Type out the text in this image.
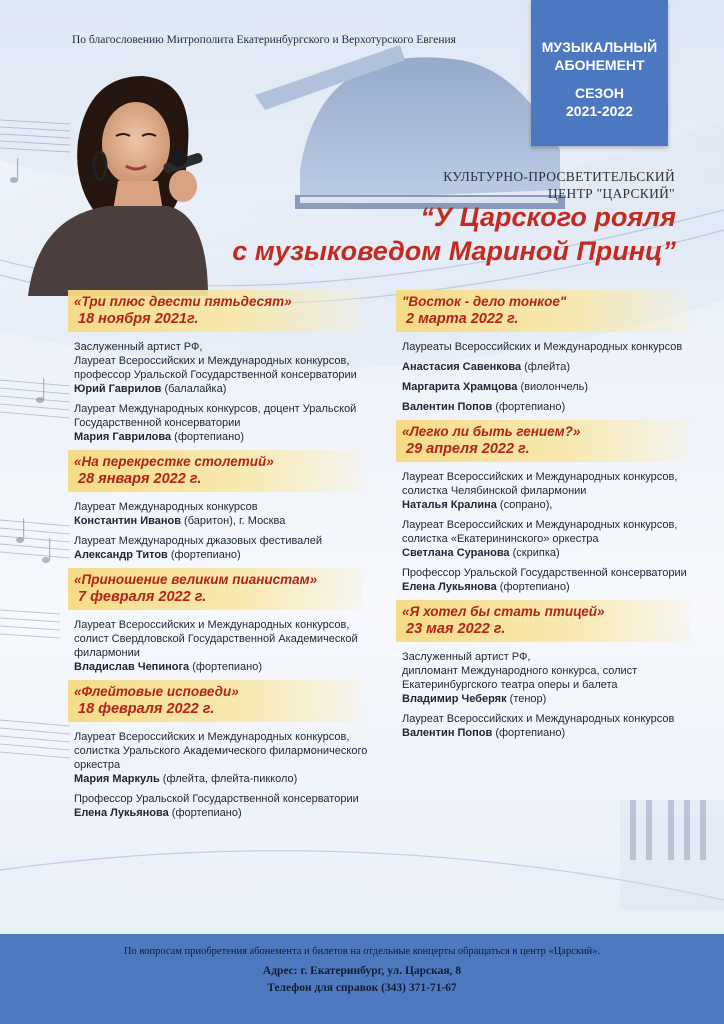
По благословению Митрополита Екатеринбургского и Верхотурского Евгения	МУЗЫКАЛЬНЫЙ
АБОНЕМЕНТ
СЕЗОН
2021-2022
КУЛЬТУРНО-ПРОСВЕТИТЕЛЬСКИЙ
ЦЕНТР "ЦАРСКИЙ"
“У Царского рояля
с музыковедом Мариной Принц”
«Три плюс двести пятьдесят»
18 ноября 2021г.
Заслуженный артист РФ,
Лауреат Всероссийских и Международных конкурсов, профессор Уральской Государственной консерватории
Юрий Гаврилов (балалайка)
Лауреат Международных конкурсов, доцент Уральской Государственной консерватории
Мария Гаврилова (фортепиано)
«На перекрестке столетий»
28 января 2022 г.
Лауреат Международных конкурсов
Константин Иванов (баритон), г. Москва
Лауреат Международных джазовых фестивалей
Александр Титов (фортепиано)
«Приношение великим пианистам»
7 февраля 2022 г.
Лауреат Всероссийских и Международных конкурсов, солист Свердловской Государственной Академической филармонии
Владислав Чепинога (фортепиано)
«Флейтовые исповеди»
18 февраля 2022 г.
Лауреат Всероссийских и Международных конкурсов, солистка Уральского Академического филармонического оркестра
Мария Маркуль (флейта, флейта-пикколо)
Профессор Уральской Государственной консерватории
Елена Лукьянова (фортепиано)
"Восток - дело тонкое"
2 марта 2022 г.
Лауреаты Всероссийских и Международных конкурсов
Анастасия Савенкова (флейта)
Маргарита Храмцова (виолончель)
Валентин Попов (фортепиано)
«Легко ли быть гением?»
29 апреля 2022 г.
Лауреат Всероссийских и Международных конкурсов,
солистка Челябинской филармонии
Наталья Кралина (сопрано),
Лауреат Всероссийских и Международных конкурсов,
солистка «Екатерининского» оркестра
Светлана Суранова (скрипка)
Профессор Уральской Государственной консерватории
Елена Лукьянова (фортепиано)
«Я хотел бы стать птицей»
23 мая 2022 г.
Заслуженный артист РФ,
дипломант Международного конкурса, солист Екатеринбургского театра оперы и балета
Владимир Чеберяк (тенор)
Лауреат Всероссийских и Международных конкурсов
Валентин Попов (фортепиано)
По вопросам приобретения абонемента и билетов на отдельные концерты обращаться в центр «Царский».
Адрес: г. Екатеринбург, ул. Царская, 8
Телефон для справок (343) 371-71-67
